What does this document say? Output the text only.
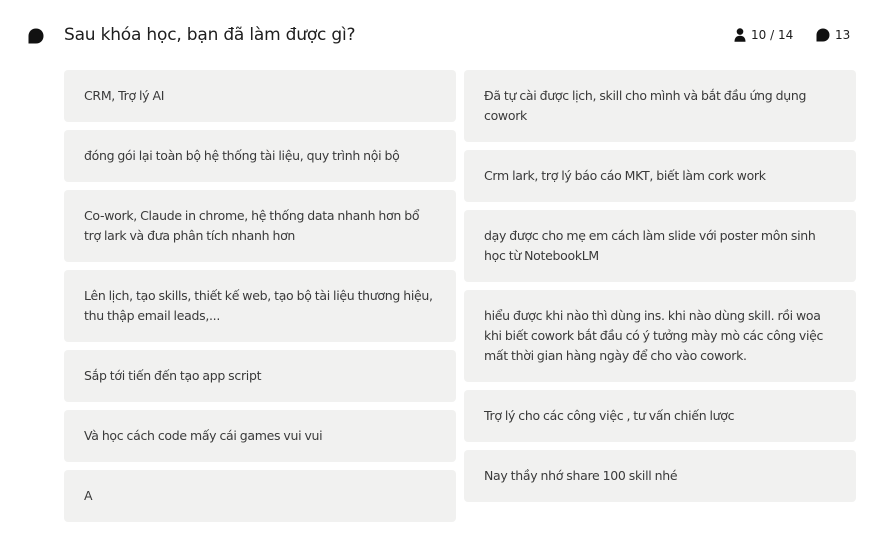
Sau khóa học, bạn đã làm được gì?	10 / 14	13
CRM, Trợ lý AI
đóng gói lại toàn bộ hệ thống tài liệu, quy trình nội bộ
Co-work, Claude in chrome, hệ thống data nhanh hơn bổ trợ lark và đưa phân tích nhanh hơn
Lên lịch, tạo skills, thiết kế web, tạo bộ tài liệu thương hiệu, thu thập email leads,...
Sắp tới tiến đến tạo app script
Và học cách code mấy cái games vui vui
A
Đã tự cài được lịch, skill cho mình và bắt đầu ứng dụng cowork
Crm lark, trợ lý báo cáo MKT, biết làm cork work
dạy được cho mẹ em cách làm slide với poster môn sinh học từ NotebookLM
hiểu được khi nào thì dùng ins. khi nào dùng skill. rồi woa khi biết cowork bắt đầu có ý tưởng mày mò các công việc mất thời gian hàng ngày để cho vào cowork.
Trợ lý cho các công việc , tư vấn chiến lược
Nay thầy nhớ share 100 skill nhé
